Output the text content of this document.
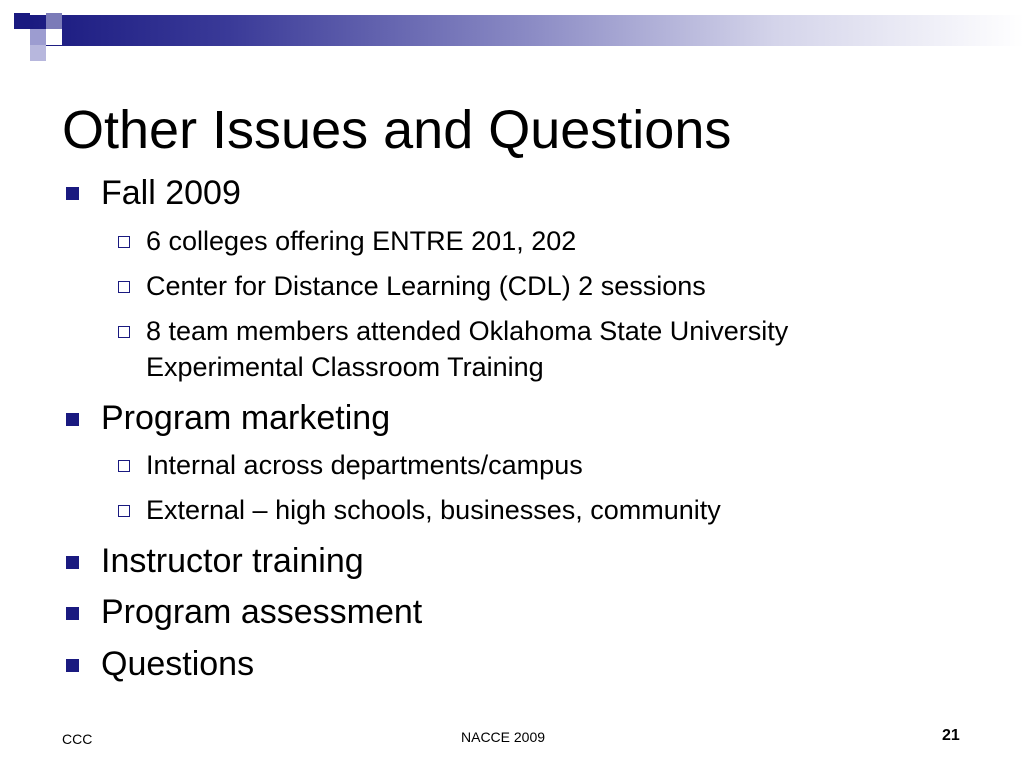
Other Issues and Questions
Fall 2009
6 colleges offering ENTRE 201, 202
Center for Distance Learning (CDL) 2 sessions
8 team members attended Oklahoma State University
Experimental Classroom Training
Program marketing
Internal across departments/campus
External – high schools, businesses, community
Instructor training
Program assessment
Questions
CCC	NACCE 2009	21
